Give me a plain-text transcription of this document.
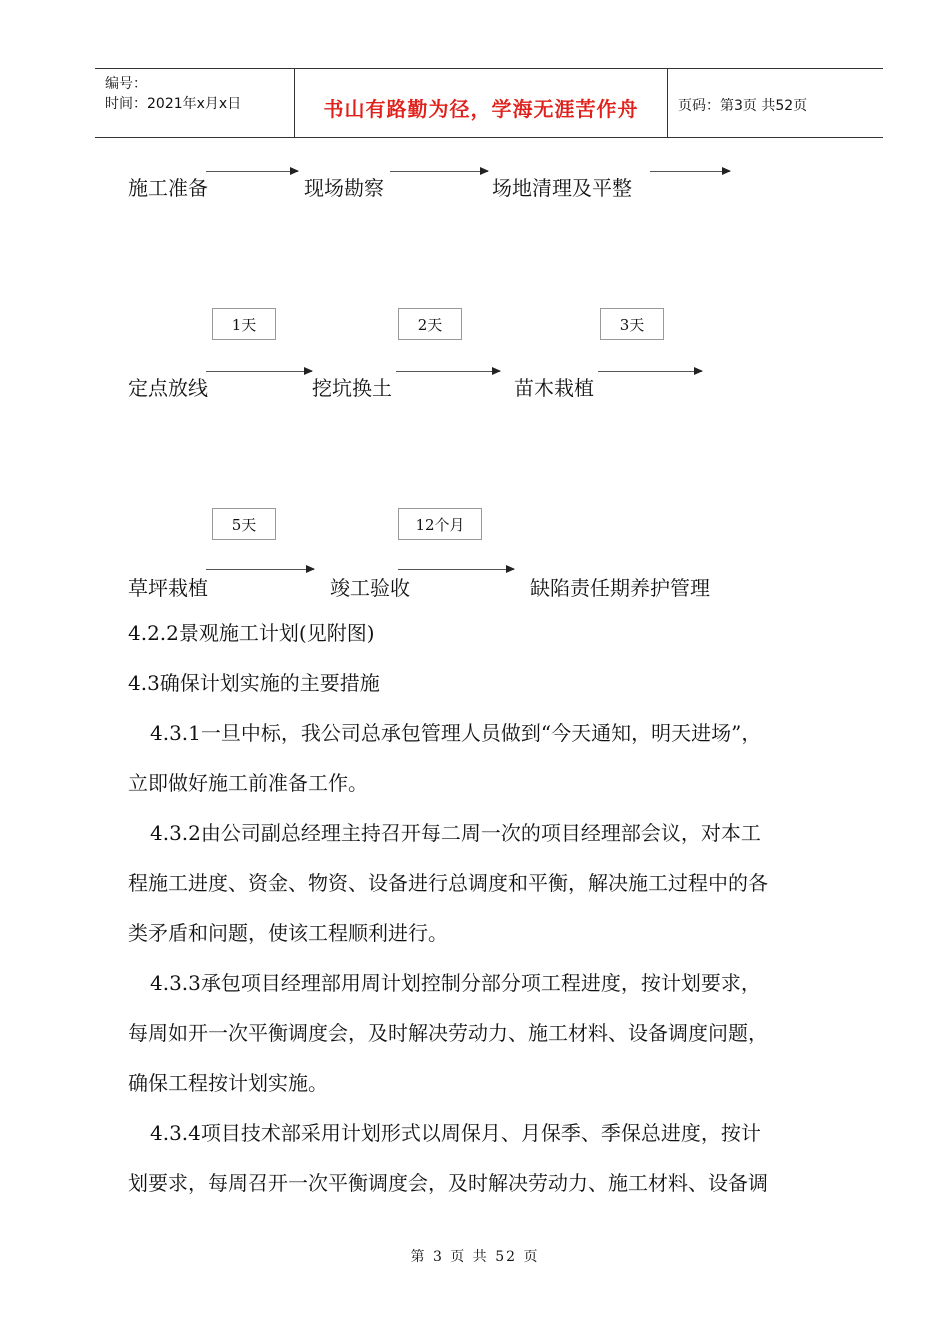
编号：
时间：2021年x月x日	书山有路勤为径，学海无涯苦作舟	页码：第3页 共52页
施工准备	现场勘察	场地清理及平整
1天	2天	3天
定点放线	挖坑换土	苗木栽植
5天	12个月
草坪栽植	竣工验收	缺陷责任期养护管理
4.2.2景观施工计划(见附图)
4.3确保计划实施的主要措施
4.3.1一旦中标，我公司总承包管理人员做到“今天通知，明天进场”，
立即做好施工前准备工作。
4.3.2由公司副总经理主持召开每二周一次的项目经理部会议，对本工
程施工进度、资金、物资、设备进行总调度和平衡，解决施工过程中的各
类矛盾和问题，使该工程顺利进行。
4.3.3承包项目经理部用周计划控制分部分项工程进度，按计划要求，
每周如开一次平衡调度会，及时解决劳动力、施工材料、设备调度问题，
确保工程按计划实施。
4.3.4项目技术部采用计划形式以周保月、月保季、季保总进度，按计
划要求，每周召开一次平衡调度会，及时解决劳动力、施工材料、设备调
第 3 页 共 52 页
